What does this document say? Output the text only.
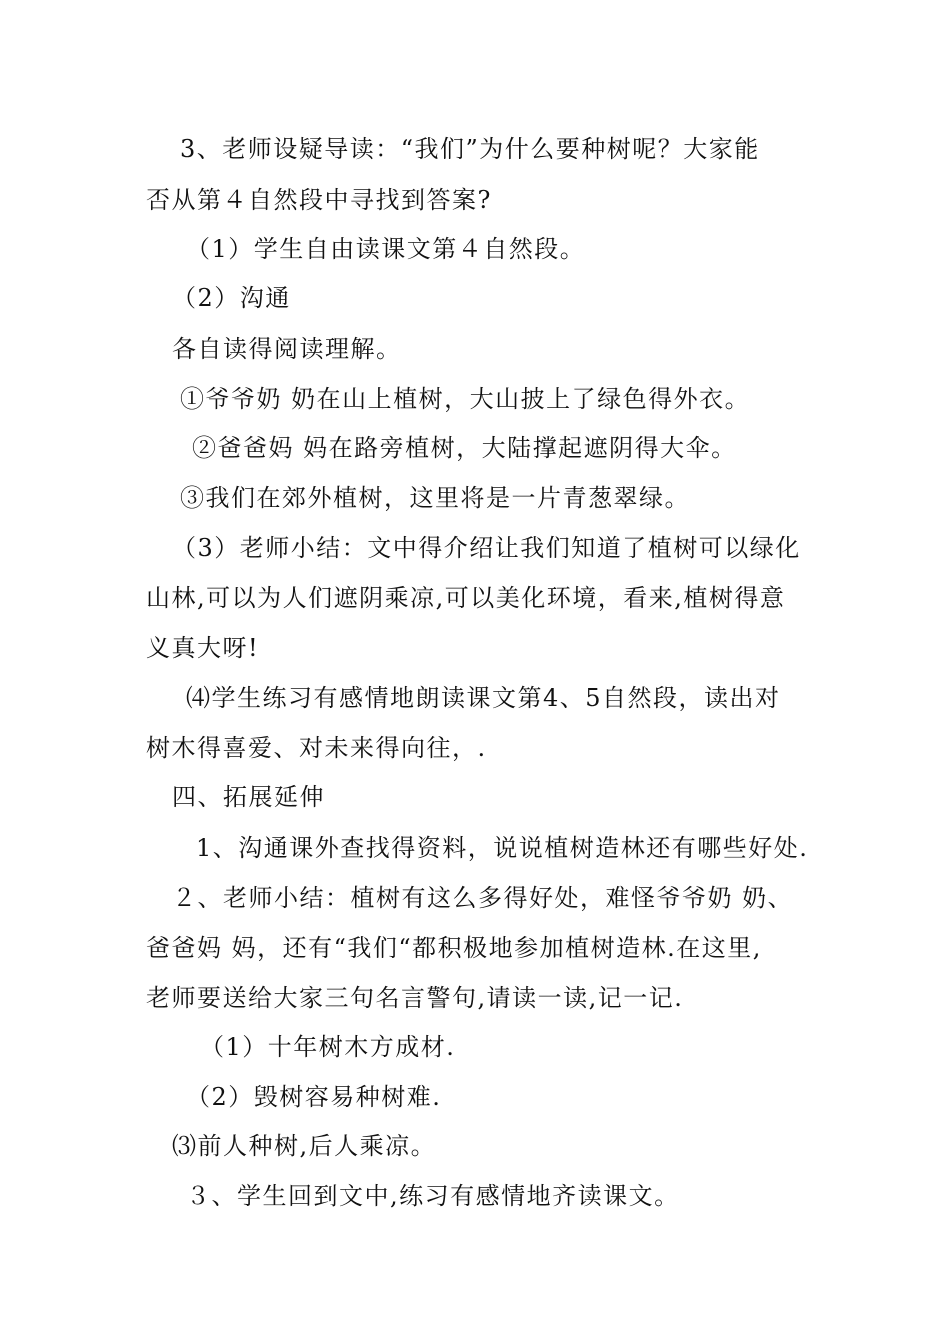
3、老师设疑导读：“我们”为什么要种树呢？大家能
否从第４自然段中寻找到答案?
（1）学生自由读课文第４自然段。
（2）沟通
各自读得阅读理解。
①爷爷奶 奶在山上植树，大山披上了绿色得外衣。
②爸爸妈 妈在路旁植树，大陆撑起遮阴得大伞。
③我们在郊外植树，这里将是一片青葱翠绿。
（3）老师小结：文中得介绍让我们知道了植树可以绿化
山林,可以为人们遮阴乘凉,可以美化环境，看来,植树得意
义真大呀!
⑷学生练习有感情地朗读课文第4、5自然段，读出对
树木得喜爱、对未来得向往，.
四、拓展延伸
1、沟通课外查找得资料，说说植树造林还有哪些好处.
２、老师小结：植树有这么多得好处，难怪爷爷奶 奶、
爸爸妈 妈，还有“我们“都积极地参加植树造林.在这里,
老师要送给大家三句名言警句,请读一读,记一记.
（1）十年树木方成材.
（2）毁树容易种树难.
⑶前人种树,后人乘凉。
３、学生回到文中,练习有感情地齐读课文。
